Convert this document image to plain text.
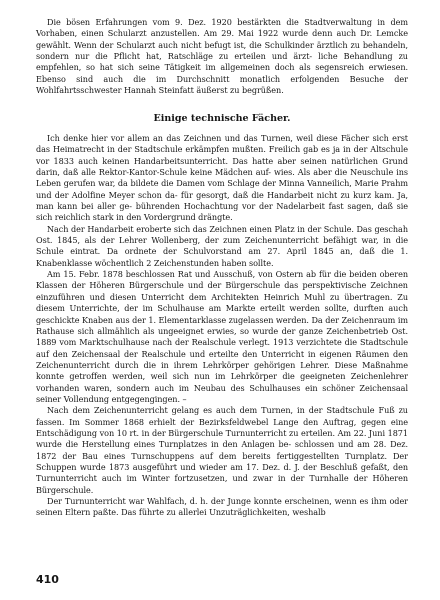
Die bösen Erfahrungen vom 9. Dez. 1920 bestärkten die Stadtverwaltung in dem Vorhaben, einen Schularzt anzustellen. Am 29. Mai 1922 wurde denn auch Dr. Lemcke gewählt. Wenn der Schularzt auch nicht befugt ist, die Schulkinder ärztlich zu behandeln, sondern nur die Pflicht hat, Ratschläge zu erteilen und ärzt- liche Behandlung zu empfehlen, so hat sich seine Tätigkeit im allgemeinen doch als segensreich erwiesen. Ebenso sind auch die im Durchschnitt monatlich erfolgenden Besuche der Wohlfahrtsschwester Hannah Steinfatt äußerst zu begrüßen.

Einige technische Fächer.

Ich denke hier vor allem an das Zeichnen und das Turnen, weil diese Fächer sich erst das Heimatrecht in der Stadtschule erkämpfen mußten. Freilich gab es ja in der Altschule vor 1833 auch keinen Handarbeitsunterricht. Das hatte aber seinen natürlichen Grund darin, daß alle Rektor-Kantor-Schule keine Mädchen auf- wies. Als aber die Neuschule ins Leben gerufen war, da bildete die Damen vom Schlage der Minna Vanneilich, Marie Prahm und der Adolfine Meyer schon da- für gesorgt, daß die Handarbeit nicht zu kurz kam. Ja, man kann bei aller ge- bührenden Hochachtung vor der Nadelarbeit fast sagen, daß sie sich reichlich stark in den Vordergrund drängte.

Nach der Handarbeit eroberte sich das Zeichnen einen Platz in der Schule. Das geschah Ost. 1845, als der Lehrer Wollenberg, der zum Zeichenunterricht befähigt war, in die Schule eintrat. Da ordnete der Schulvorstand am 27. April 1845 an, daß die 1. Knabenklasse wöchentlich 2 Zeichenstunden haben sollte.

Am 15. Febr. 1878 beschlossen Rat und Ausschuß, von Ostern ab für die beiden oberen Klassen der Höheren Bürgerschule und der Bürgerschule das perspektivische Zeichnen einzuführen und diesen Unterricht dem Architekten Heinrich Muhl zu übertragen. Zu diesem Unterrichte, der im Schulhause am Markte erteilt werden sollte, durften auch geschickte Knaben aus der 1. Elementarklasse zugelassen werden. Da der Zeichenraum im Rathause sich allmählich als ungeeignet erwies, so wurde der ganze Zeichenbetrieb Ost. 1889 vom Marktschulhause nach der Realschule verlegt. 1913 verzichtete die Stadtschule auf den Zeichensaal der Realschule und erteilte den Unterricht in eigenen Räumen den Zeichenunterricht durch die in ihrem Lehrkörper gehörigen Lehrer. Diese Maßnahme konnte getroffen werden, weil sich nun im Lehrkörper die geeigneten Zeichenlehrer vorhanden waren, sondern auch im Neubau des Schulhauses ein schöner Zeichensaal seiner Vollendung entgegengingen. –

Nach dem Zeichenunterricht gelang es auch dem Turnen, in der Stadtschule Fuß zu fassen. Im Sommer 1868 erhielt der Bezirksfeldwebel Lange den Auftrag, gegen eine Entschädigung von 10 rt. in der Bürgerschule Turnunterricht zu erteilen. Am 22. Juni 1871 wurde die Herstellung eines Turnplatzes in den Anlagen be- schlossen und am 28. Dez. 1872 der Bau eines Turnschuppens auf dem bereits fertiggestellten Turnplatz. Der Schuppen wurde 1873 ausgeführt und wieder am 17. Dez. d. J. der Beschluß gefaßt, den Turnunterricht auch im Winter fortzusetzen, und zwar in der Turnhalle der Höheren Bürgerschule.

Der Turnunterricht war Wahlfach, d. h. der Junge konnte erscheinen, wenn es ihm oder seinen Eltern paßte. Das führte zu allerlei Unzuträglichkeiten, weshalb

410
